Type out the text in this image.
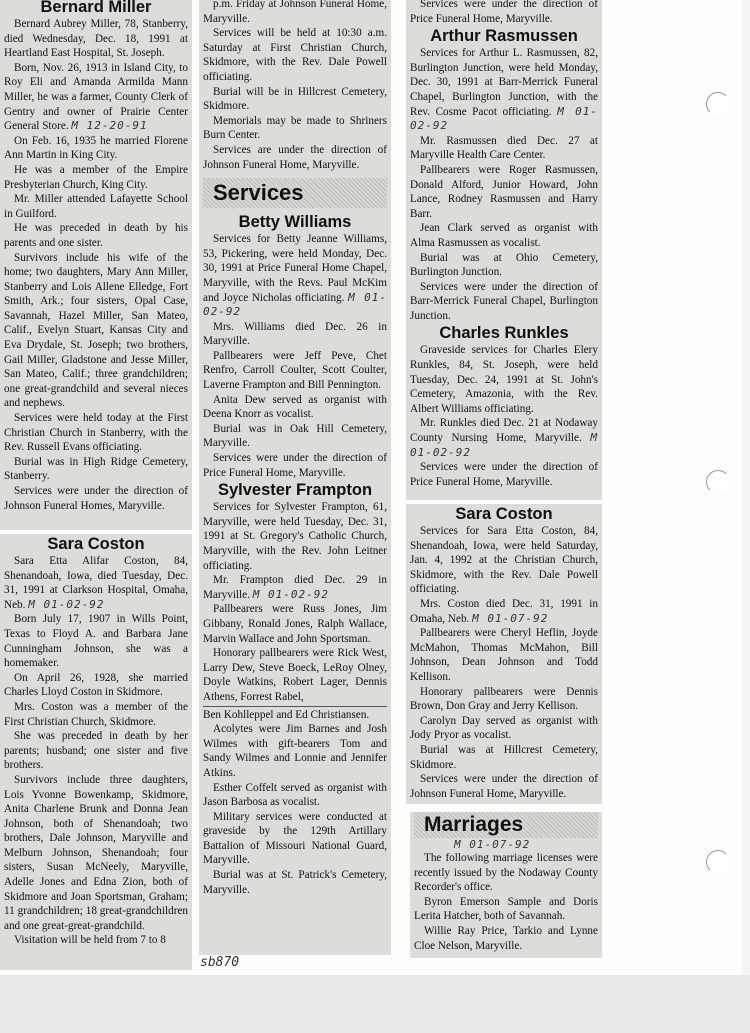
Bernard Miller

Bernard Aubrey Miller, 78, Stanberry, died Wednesday, Dec. 18, 1991 at Heartland East Hospital, St. Joseph.

Born, Nov. 26, 1913 in Island City, to Roy Eli and Amanda Armilda Mann Miller, he was a farmer, County Clerk of Gentry and owner of Prairie Center General Store. M 12-20-91

On Feb. 16, 1935 he married Florene Ann Martin in King City.

He was a member of the Empire Presbyterian Church, King City.

Mr. Miller attended Lafayette School in Guilford.

He was preceded in death by his parents and one sister.

Survivors include his wife of the home; two daughters, Mary Ann Miller, Stanberry and Lois Allene Elledge, Fort Smith, Ark.; four sisters, Opal Case, Savannah, Hazel Miller, San Mateo, Calif., Evelyn Stuart, Kansas City and Eva Drydale, St. Joseph; two brothers, Gail Miller, Gladstone and Jesse Miller, San Mateo, Calif.; three grandchildren; one great-grandchild and several nieces and nephews.

Services were held today at the First Christian Church in Stanberry, with the Rev. Russell Evans officiating.

Burial was in High Ridge Cemetery, Stanberry.

Services were under the direction of Johnson Funeral Homes, Maryville.

Sara Coston

Sara Etta Alifar Coston, 84, Shenandoah, Iowa, died Tuesday, Dec. 31, 1991 at Clarkson Hospital, Omaha, Neb. M 01-02-92

Born July 17, 1907 in Wills Point, Texas to Floyd A. and Barbara Jane Cunningham Johnson, she was a homemaker.

On April 26, 1928, she married Charles Lloyd Coston in Skidmore.

Mrs. Coston was a member of the First Christian Church, Skidmore.

She was preceded in death by her parents; husband; one sister and five brothers.

Survivors include three daughters, Lois Yvonne Bowenkamp, Skidmore, Anita Charlene Brunk and Donna Jean Johnson, both of Shenandoah; two brothers, Dale Johnson, Maryville and Melburn Johnson, Shenandoah; four sisters, Susan McNeely, Maryville, Adelle Jones and Edna Zion, both of Skidmore and Joan Sportsman, Graham; 11 grandchildren; 18 great-grandchildren and one great-great-grandchild.

Visitation will be held from 7 to 8

p.m. Friday at Johnson Funeral Home, Maryville.

Services will be held at 10:30 a.m. Saturday at First Christian Church, Skidmore, with the Rev. Dale Powell officiating.

Burial will be in Hillcrest Cemetery, Skidmore.

Memorials may be made to Shriners Burn Center.

Services are under the direction of Johnson Funeral Home, Maryville.

Services
Betty Williams

Services for Betty Jeanne Williams, 53, Pickering, were held Monday, Dec. 30, 1991 at Price Funeral Home Chapel, Maryville, with the Revs. Paul McKim and Joyce Nicholas officiating. M 01-02-92

Mrs. Williams died Dec. 26 in Maryville.

Pallbearers were Jeff Peve, Chet Renfro, Carroll Coulter, Scott Coulter, Laverne Frampton and Bill Pennington.

Anita Dew served as organist with Deena Knorr as vocalist.

Burial was in Oak Hill Cemetery, Maryville.

Services were under the direction of Price Funeral Home, Maryville.

Sylvester Frampton

Services for Sylvester Frampton, 61, Maryville, were held Tuesday, Dec. 31, 1991 at St. Gregory's Catholic Church, Maryville, with the Rev. John Leitner officiating.

Mr. Frampton died Dec. 29 in Maryville. M 01-02-92

Pallbearers were Russ Jones, Jim Gibbany, Ronald Jones, Ralph Wallace, Marvin Wallace and John Sportsman.

Honorary pallbearers were Rick West, Larry Dew, Steve Boeck, LeRoy Olney, Doyle Watkins, Robert Lager, Dennis Athens, Forrest Rabel,

Ben Kohlleppel and Ed Christiansen.

Acolytes were Jim Barnes and Josh Wilmes with gift-bearers Tom and Sandy Wilmes and Lonnie and Jennifer Atkins.

Esther Coffelt served as organist with Jason Barbosa as vocalist.

Military services were conducted at graveside by the 129th Artillary Battalion of Missouri National Guard, Maryville.

Burial was at St. Patrick's Cemetery, Maryville.

Services were under the direction of Price Funeral Home, Maryville.

Arthur Rasmussen

Services for Arthur L. Rasmussen, 82, Burlington Junction, were held Monday, Dec. 30, 1991 at Barr-Merrick Funeral Chapel, Burlington Junction, with the Rev. Cosme Pacot officiating. M 01-02-92

Mr. Rasmussen died Dec. 27 at Maryville Health Care Center.

Pallbearers were Roger Rasmussen, Donald Alford, Junior Howard, John Lance, Rodney Rasmussen and Harry Barr.

Jean Clark served as organist with Alma Rasmussen as vocalist.

Burial was at Ohio Cemetery, Burlington Junction.

Services were under the direction of Barr-Merrick Funeral Chapel, Burlington Junction.

Charles Runkles

Graveside services for Charles Elery Runkles, 84, St. Joseph, were held Tuesday, Dec. 24, 1991 at St. John's Cemetery, Amazonia, with the Rev. Albert Williams officiating.

Mr. Runkles died Dec. 21 at Nodaway County Nursing Home, Maryville. M 01-02-92

Services were under the direction of Price Funeral Home, Maryville.

Sara Coston

Services for Sara Etta Coston, 84, Shenandoah, Iowa, were held Saturday, Jan. 4, 1992 at the Christian Church, Skidmore, with the Rev. Dale Powell officiating.

Mrs. Coston died Dec. 31, 1991 in Omaha, Neb. M 01-07-92

Pallbearers were Cheryl Heflin, Joyde McMahon, Thomas McMahon, Bill Johnson, Dean Johnson and Todd Kellison.

Honorary pallbearers were Dennis Brown, Don Gray and Jerry Kellison.

Carolyn Day served as organist with Jody Pryor as vocalist.

Burial was at Hillcrest Cemetery, Skidmore.

Services were under the direction of Johnson Funeral Home, Maryville.

Marriages
M 01-07-92

The following marriage licenses were recently issued by the Nodaway County Recorder's office.

Byron Emerson Sample and Doris Lerita Hatcher, both of Savannah.

Willie Ray Price, Tarkio and Lynne Cloe Nelson, Maryville.

sb870
